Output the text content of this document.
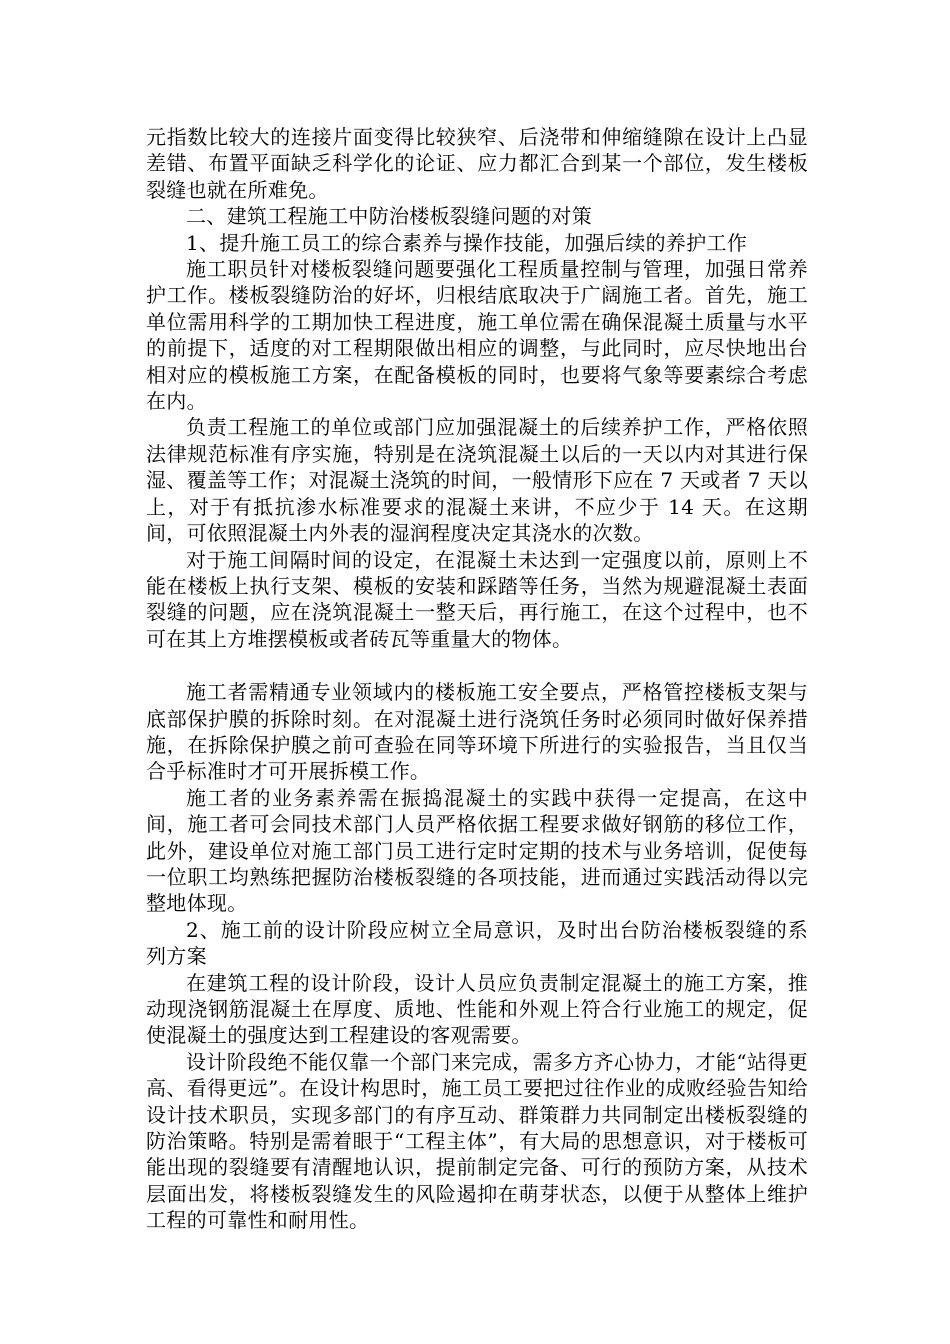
元指数比较大的连接片面变得比较狭窄、后浇带和伸缩缝隙在设计上凸显差错、布置平面缺乏科学化的论证、应力都汇合到某一个部位，发生楼板裂缝也就在所难免。

二、建筑工程施工中防治楼板裂缝问题的对策

1、提升施工员工的综合素养与操作技能，加强后续的养护工作

施工职员针对楼板裂缝问题要强化工程质量控制与管理，加强日常养护工作。楼板裂缝防治的好坏，归根结底取决于广阔施工者。首先，施工单位需用科学的工期加快工程进度，施工单位需在确保混凝土质量与水平的前提下，适度的对工程期限做出相应的调整，与此同时，应尽快地出台相对应的模板施工方案，在配备模板的同时，也要将气象等要素综合考虑在内。

负责工程施工的单位或部门应加强混凝土的后续养护工作，严格依照法律规范标准有序实施，特别是在浇筑混凝土以后的一天以内对其进行保湿、覆盖等工作；对混凝土浇筑的时间，一般情形下应在 7 天或者 7 天以上，对于有抵抗渗水标准要求的混凝土来讲，不应少于 14 天。在这期间，可依照混凝土内外表的湿润程度决定其浇水的次数。

对于施工间隔时间的设定，在混凝土未达到一定强度以前，原则上不能在楼板上执行支架、模板的安装和踩踏等任务，当然为规避混凝土表面裂缝的问题，应在浇筑混凝土一整天后，再行施工，在这个过程中，也不可在其上方堆摆模板或者砖瓦等重量大的物体。

施工者需精通专业领域内的楼板施工安全要点，严格管控楼板支架与底部保护膜的拆除时刻。在对混凝土进行浇筑任务时必须同时做好保养措施，在拆除保护膜之前可查验在同等环境下所进行的实验报告，当且仅当合乎标准时才可开展拆模工作。

施工者的业务素养需在振捣混凝土的实践中获得一定提高，在这中间，施工者可会同技术部门人员严格依据工程要求做好钢筋的移位工作，此外，建设单位对施工部门员工进行定时定期的技术与业务培训，促使每一位职工均熟练把握防治楼板裂缝的各项技能，进而通过实践活动得以完整地体现。

2、施工前的设计阶段应树立全局意识，及时出台防治楼板裂缝的系列方案

在建筑工程的设计阶段，设计人员应负责制定混凝土的施工方案，推动现浇钢筋混凝土在厚度、质地、性能和外观上符合行业施工的规定，促使混凝土的强度达到工程建设的客观需要。

设计阶段绝不能仅靠一个部门来完成，需多方齐心协力，才能“站得更高、看得更远”。在设计构思时，施工员工要把过往作业的成败经验告知给设计技术职员，实现多部门的有序互动、群策群力共同制定出楼板裂缝的防治策略。特别是需着眼于“工程主体”，有大局的思想意识，对于楼板可能出现的裂缝要有清醒地认识，提前制定完备、可行的预防方案，从技术层面出发，将楼板裂缝发生的风险遏抑在萌芽状态，以便于从整体上维护工程的可靠性和耐用性。
